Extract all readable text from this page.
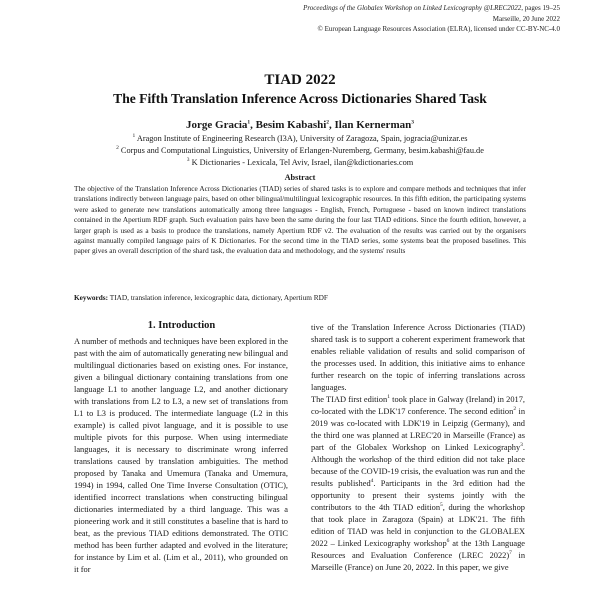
Proceedings of the Globalex Workshop on Linked Lexicography @LREC2022, pages 19–25
Marseille, 20 June 2022
© European Language Resources Association (ELRA), licensed under CC-BY-NC-4.0
TIAD 2022
The Fifth Translation Inference Across Dictionaries Shared Task
Jorge Gracia$^1$, Besim Kabashi$^2$, Ilan Kernerman$^3$
$^1$ Aragon Institute of Engineering Research (I3A), University of Zaragoza, Spain, jogracia@unizar.es
$^2$ Corpus and Computational Linguistics, University of Erlangen-Nuremberg, Germany, besim.kabashi@fau.de
$^3$ K Dictionaries - Lexicala, Tel Aviv, Israel, ilan@kdictionaries.com
Abstract
The objective of the Translation Inference Across Dictionaries (TIAD) series of shared tasks is to explore and compare methods and techniques that infer translations indirectly between language pairs, based on other bilingual/multilingual lexicographic resources. In this fifth edition, the participating systems were asked to generate new translations automatically among three languages - English, French, Portuguese - based on known indirect translations contained in the Apertium RDF graph. Such evaluation pairs have been the same during the four last TIAD editions. Since the fourth edition, however, a larger graph is used as a basis to produce the translations, namely Apertium RDF v2. The evaluation of the results was carried out by the organisers against manually compiled language pairs of K Dictionaries. For the second time in the TIAD series, some systems beat the proposed baselines. This paper gives an overall description of the shard task, the evaluation data and methodology, and the systems' results
Keywords: TIAD, translation inference, lexicographic data, dictionary, Apertium RDF
1. Introduction

A number of methods and techniques have been explored in the past with the aim of automatically generating new bilingual and multilingual dictionaries based on existing ones. For instance, given a bilingual dictionary containing translations from one language L1 to another language L2, and another dictionary with translations from L2 to L3, a new set of translations from L1 to L3 is produced. The intermediate language (L2 in this example) is called pivot language, and it is possible to use multiple pivots for this purpose. When using intermediate languages, it is necessary to discriminate wrong inferred translations caused by translation ambiguities. The method proposed by Tanaka and Umemura (Tanaka and Umemura, 1994) in 1994, called One Time Inverse Consultation (OTIC), identified incorrect translations when constructing bilingual dictionaries intermediated by a third language. This was a pioneering work and it still constitutes a baseline that is hard to beat, as the previous TIAD editions demonstrated. The OTIC method has been further adapted and evolved in the literature; for instance by Lim et al. (Lim et al., 2011), who grounded on it for

tive of the Translation Inference Across Dictionaries (TIAD) shared task is to support a coherent experiment framework that enables reliable validation of results and solid comparison of the processes used. In addition, this initiative aims to enhance further research on the topic of inferring translations across languages.

The TIAD first edition$^1$ took place in Galway (Ireland) in 2017, co-located with the LDK'17 conference. The second edition$^2$ in 2019 was co-located with LDK'19 in Leipzig (Germany), and the third one was planned at LREC'20 in Marseille (France) as part of the Globalex Workshop on Linked Lexicography$^3$. Although the workshop of the third edition did not take place because of the COVID-19 crisis, the evaluation was run and the results published$^4$. Participants in the 3rd edition had the opportunity to present their systems jointly with the contributors to the 4th TIAD edition$^5$, during the whorkshop that took place in Zaragoza (Spain) at LDK'21. The fifth edition of TIAD was held in conjunction to the GLOBALEX 2022 – Linked Lexicography workshop$^6$ at the 13th Language Resources and Evaluation Conference (LREC 2022)$^7$ in Marseille (France) on June 20, 2022. In this paper, we give
